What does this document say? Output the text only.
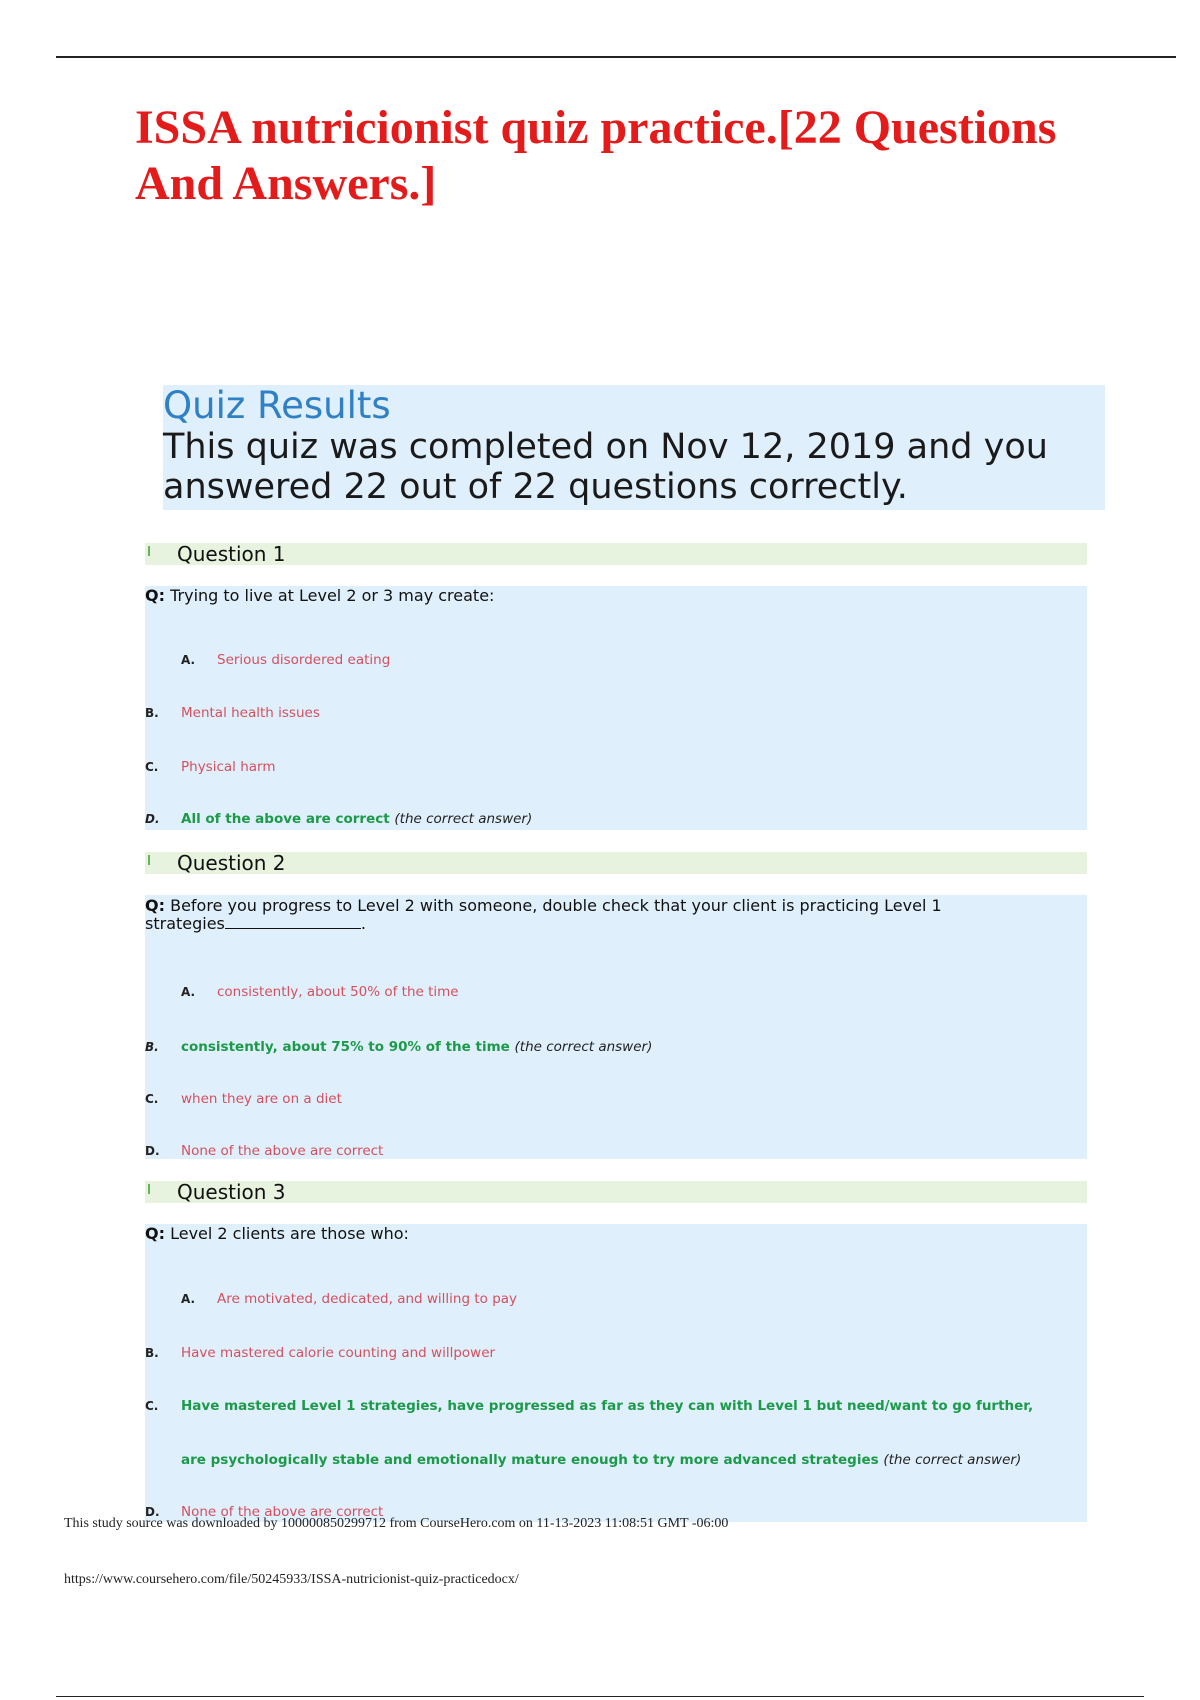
ISSA nutricionist quiz practice.[22 Questions And Answers.]
Quiz Results

This quiz was completed on Nov 12, 2019 and you answered 22 out of 22 questions correctly.

Question 1
Q: Trying to live at Level 2 or 3 may create:
A. Serious disordered eating
B. Mental health issues
C. Physical harm
D. All of the above are correct (the correct answer)
Question 2
Q: Before you progress to Level 2 with someone, double check that your client is practicing Level 1 strategies	.
A. consistently, about 50% of the time
B. consistently, about 75% to 90% of the time (the correct answer)
C. when they are on a diet
D. None of the above are correct
Question 3
Q: Level 2 clients are those who:
A. Are motivated, dedicated, and willing to pay
B. Have mastered calorie counting and willpower
C. Have mastered Level 1 strategies, have progressed as far as they can with Level 1 but need/want to go further,
are psychologically stable and emotionally mature enough to try more advanced strategies (the correct answer)
D. None of the above are correct
This study source was downloaded by 100000850299712 from CourseHero.com on 11-13-2023 11:08:51 GMT -06:00
https://www.coursehero.com/file/50245933/ISSA-nutricionist-quiz-practicedocx/
